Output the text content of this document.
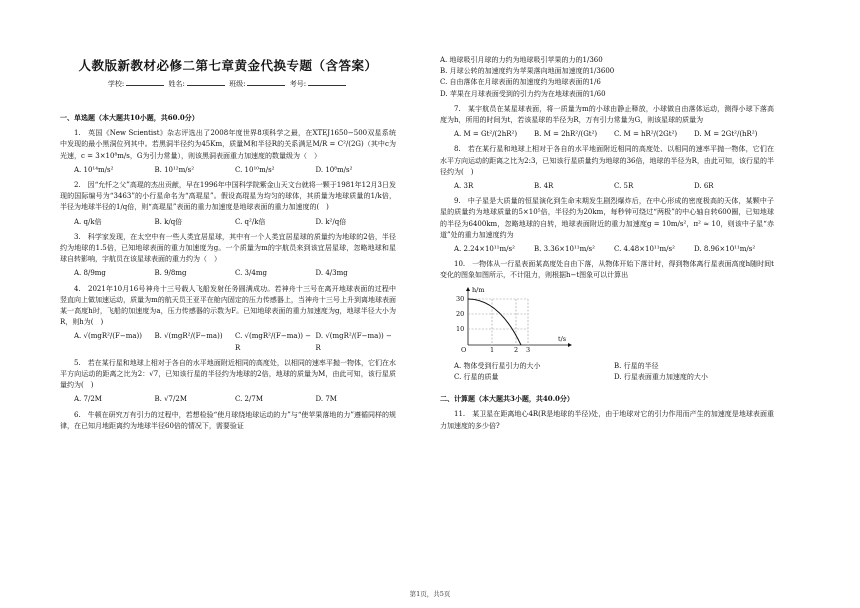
人教版新教材必修二第七章黄金代换专题（含答案）
学校:	姓名:	班级:	考号:
一、单选题（本大题共10小题，共60.0分）
1.　英国《New Scientist》杂志评选出了2008年度世界8项科学之最，在XTEJ1650−500双星系统中发现的最小黑洞位列其中。若黑洞半径约为45Km，质量M和半径R的关系满足M/R = C²/(2G)（其中c为光速，c = 3×10⁸m/s，G为引力常量），则该黑洞表面重力加速度的数量级为（　）
A. 10¹⁴m/s²	B. 10¹²m/s²	C. 10¹⁰m/s²	D. 10⁸m/s²
2.　因“允忏之父”高琨的杰出贡献，早在1996年中国科学院紫金山天文台就将一颗于1981年12月3日发现的国际编号为“3463”的小行星命名为“高琨星”。假设高琨星为均匀的球体，其质量为地球质量的1/k倍，半径为地球半径的1/q倍，则“高琨星”表面的重力加速度是地球表面的重力加速度的(　)
A. q/k倍	B. k/q倍	C. q²/k倍	D. k²/q倍
3.　科学家发现，在太空中有一些人类宜居星球，其中有一个人类宜居星球的质量约为地球的2倍，半径约为地球的1.5倍，已知地球表面的重力加速度为g。一个质量为m的宇航员来到该宜居星球，忽略地球和星球自转影响，宇航员在该星球表面的重力约为（　）
A. 8/9mg	B. 9/8mg	C. 3/4mg	D. 4/3mg
4.　2021年10月16号神舟十三号载人飞船发射任务圆满成功。若神舟十三号在离开地球表面的过程中竖直向上做加速运动，质量为m的航天员王亚平在舱内固定的压力传感器上，当神舟十三号上升到离地球表面某一高度h时，飞船的加速度为a，压力传感器的示数为F。已知地球表面的重力加速度为g，地球半径大小为R，则h为(　)
A. √(mgR²/(F−ma))	B. √(mgR²/(F−ma))	C. √(mgR²/(F−ma)) − R
D. √(mgR²/(F−ma)) − R
5.　若在某行星和地球上相对于各自的水平地面附近相同的高度处，以相同的速率平抛一物体，它们在水平方向运动的距离之比为2：√7，已知该行星的半径约为地球的2倍，地球的质量为M，由此可知，该行星质量约为(　)
A. 7/2M	B. √7/2M	C. 2/7M	D. 7M
6.　牛顿在研究万有引力的过程中，若想检验“使月球绕地球运动的力”与“使苹果落地的力”遵循同样的规律，在已知月地距离约为地球半径60倍的情况下，需要验证
A. 地球吸引月球的力约为地球吸引苹果的力的1/360
B. 月球公转的加速度约为苹果落向地面加速度的1/3600
C. 自由落体在月球表面的加速度约为地球表面的1/6
D. 苹果在月球表面受到的引力约为在地球表面的1/60
7.　某宇航员在某星球表面，将一质量为m的小球由静止释放，小球做自由落体运动，测得小球下落高度为h，所用的时间为t，若该星球的半径为R，万有引力常量为G，则该星球的质量为
A. M = Gt²/(2hR²)	B. M = 2hR²/(Gt²)	C. M = hR²/(2Gt²)	D. M = 2Gt²/(hR²)
8.　若在某行星和地球上相对于各自的水平地面附近相同的高度处、以相同的速率平抛一物体，它们在水平方向运动的距离之比为2:3，已知该行星质量约为地球的36倍，地球的半径为R，由此可知，该行星的半径约为(　)
A. 3R	B. 4R	C. 5R	D. 6R
9.　中子星是大质量的恒星演化到生命末期发生剧烈爆炸后，在中心形成的密度极高的天体，某颗中子星的质量约为地球质量的5×10⁵倍，半径约为20km，每秒钟可绕过“两极”的中心轴自转600圈，已知地球的半径为6400km，忽略地球的自转，地球表面附近的重力加速度g = 10m/s²，π² ≈ 10，则该中子星“赤道”处的重力加速度约为
A. 2.24×10¹¹m/s²	B. 3.36×10¹¹m/s²	C. 4.48×10¹¹m/s²	D. 8.96×10¹¹m/s²
10.　一物体从一行星表面某高度处自由下落，从物体开始下落计时，得到物体离行星表面高度h随时间t变化的图象如图所示，不计阻力，则根据h−t图象可以计算出
h/m
t/s
O
30
20
10
1	2 3
A. 物体受到行星引力的大小	B. 行星的半径
C. 行星的质量	D. 行星表面重力加速度的大小
二、计算题（本大题共3小题，共40.0分）
11.　某卫星在距离地心4R(R是地球的半径)处，由于地球对它的引力作用而产生的加速度是地球表面重力加速度的多少倍?
第1页，共5页
